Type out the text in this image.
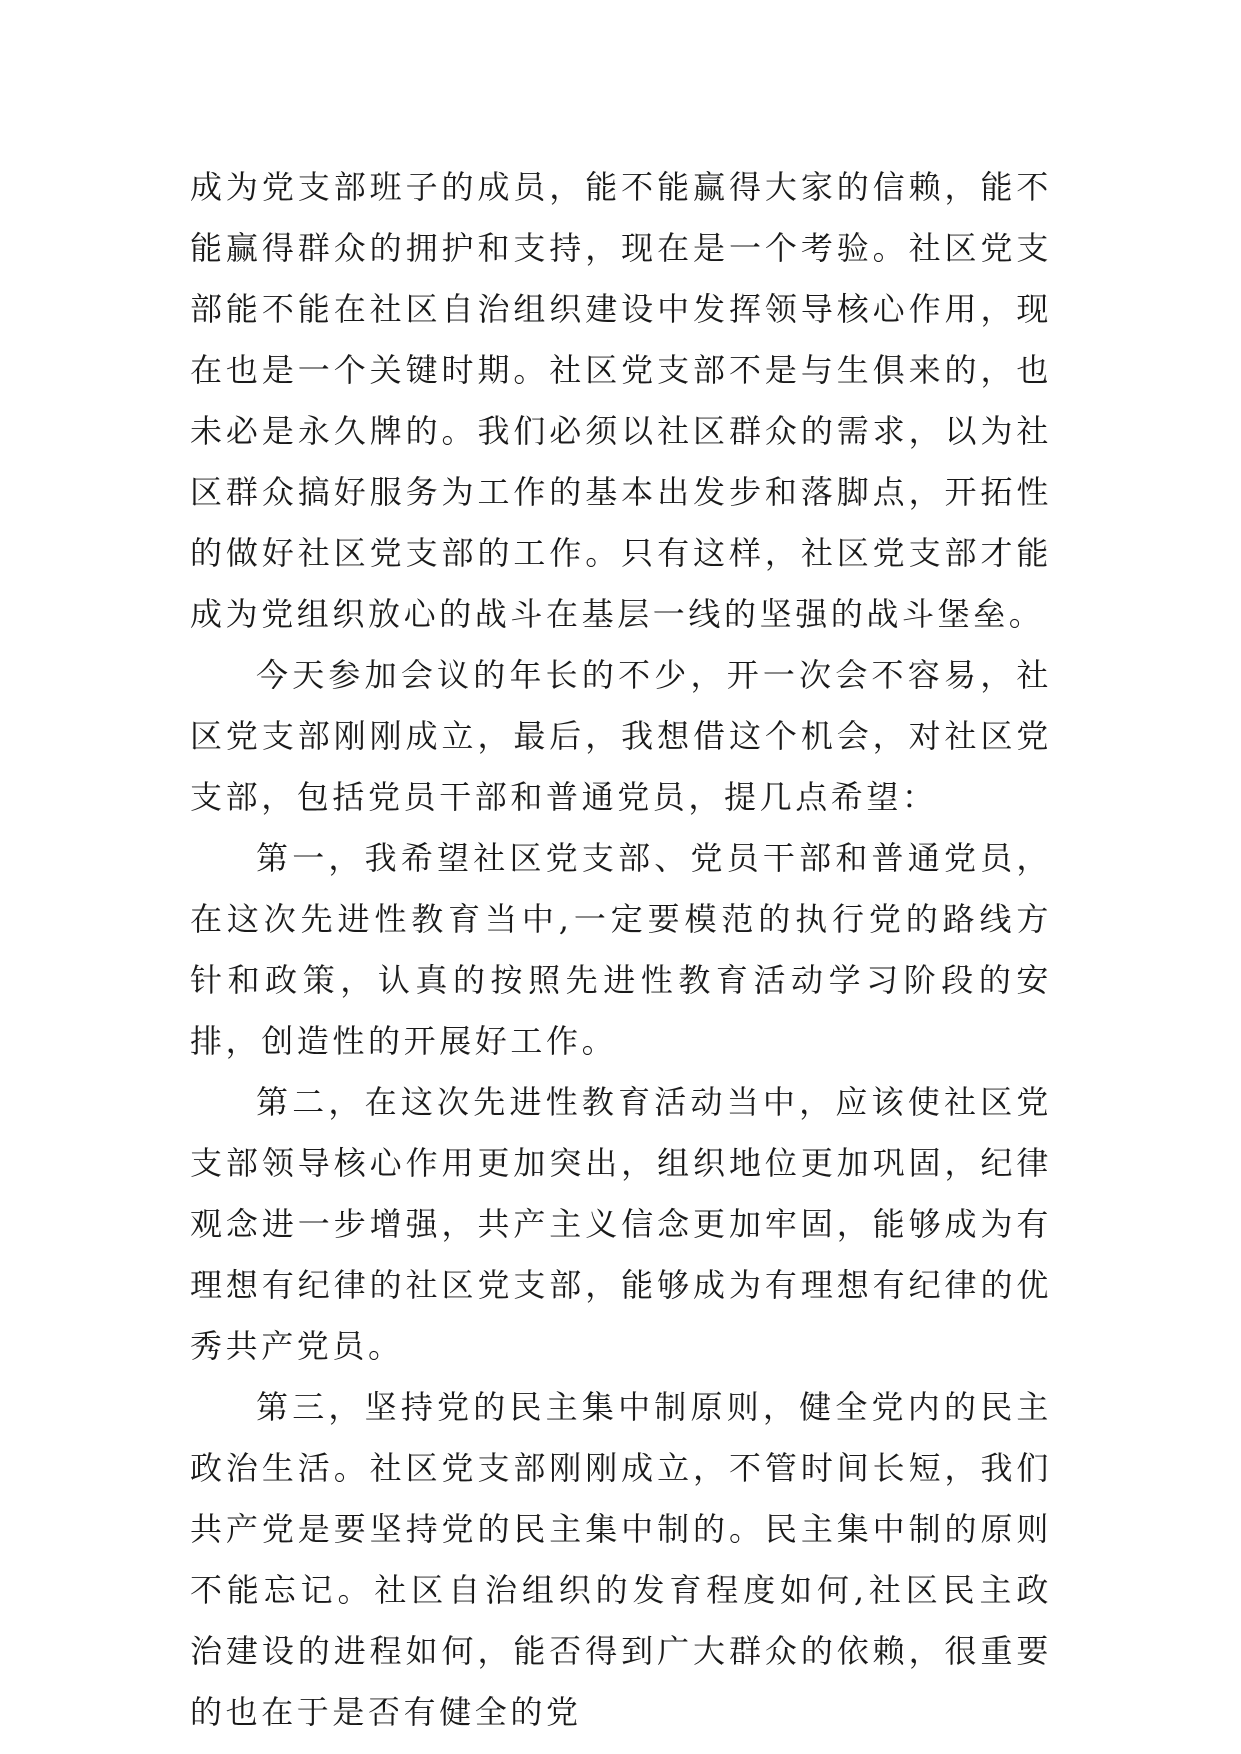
成为党支部班子的成员，能不能赢得大家的信赖，能不能赢得群众的拥护和支持，现在是一个考验。社区党支部能不能在社区自治组织建设中发挥领导核心作用，现在也是一个关键时期。社区党支部不是与生俱来的，也未必是永久牌的。我们必须以社区群众的需求，以为社区群众搞好服务为工作的基本出发步和落脚点，开拓性的做好社区党支部的工作。只有这样，社区党支部才能成为党组织放心的战斗在基层一线的坚强的战斗堡垒。

今天参加会议的年长的不少，开一次会不容易，社区党支部刚刚成立，最后，我想借这个机会，对社区党支部，包括党员干部和普通党员，提几点希望：

第一，我希望社区党支部、党员干部和普通党员，在这次先进性教育当中,一定要模范的执行党的路线方针和政策，认真的按照先进性教育活动学习阶段的安排，创造性的开展好工作。

第二，在这次先进性教育活动当中，应该使社区党支部领导核心作用更加突出，组织地位更加巩固，纪律观念进一步增强，共产主义信念更加牢固，能够成为有理想有纪律的社区党支部，能够成为有理想有纪律的优秀共产党员。

第三，坚持党的民主集中制原则，健全党内的民主政治生活。社区党支部刚刚成立，不管时间长短，我们共产党是要坚持党的民主集中制的。民主集中制的原则不能忘记。社区自治组织的发育程度如何,社区民主政治建设的进程如何，能否得到广大群众的依赖，很重要的也在于是否有健全的党
